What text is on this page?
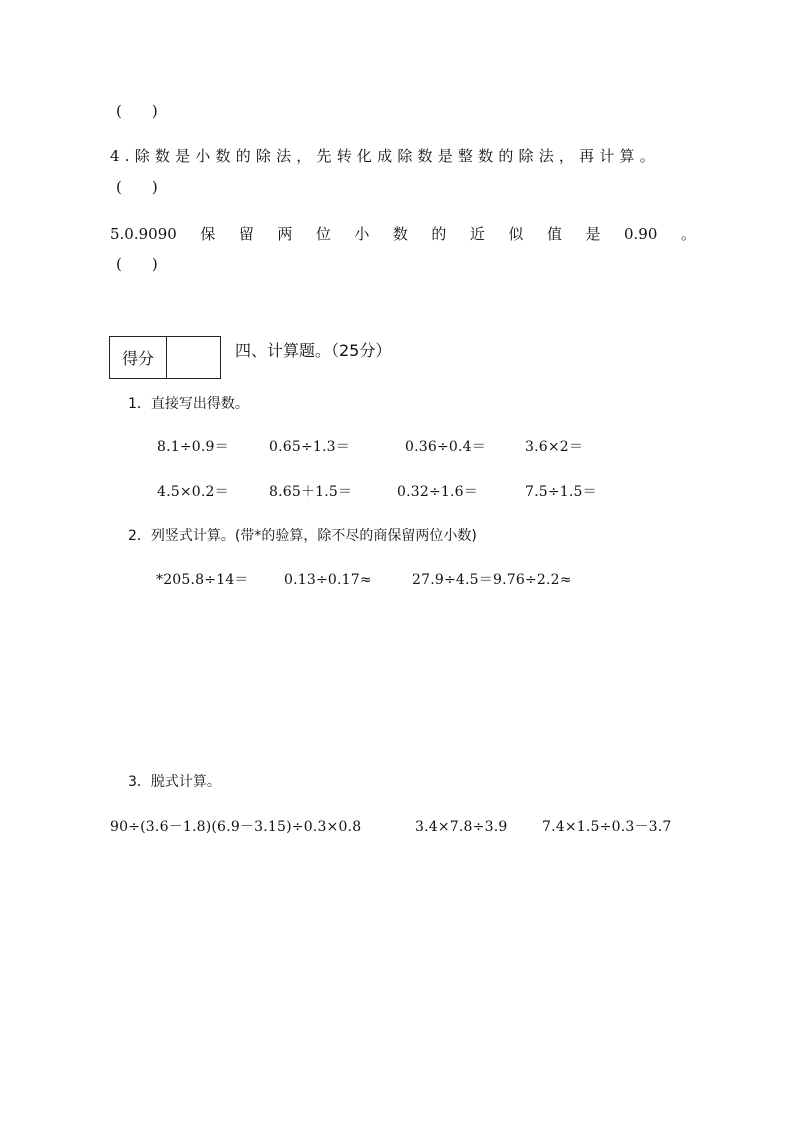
(　　)
4.除数是小数的除法，先转化成除数是整数的除法，再计算。
(　　)
5.0.9090 保 留 两 位 小 数 的 近 似 值 是 0.90 。
(　　)
得分	四、计算题。（25分）
1．直接写出得数。
8.1÷0.9＝	0.65÷1.3＝	0.36÷0.4＝	3.6×2＝
4.5×0.2＝	8.65＋1.5＝	0.32÷1.6＝	7.5÷1.5＝
2．列竖式计算。(带*的验算，除不尽的商保留两位小数)
*205.8÷14＝	0.13÷0.17≈	27.9÷4.5＝9.76÷2.2≈
3．脱式计算。
90÷(3.6－1.8)(6.9－3.15)÷0.3×0.8	3.4×7.8÷3.9	7.4×1.5÷0.3－3.7
